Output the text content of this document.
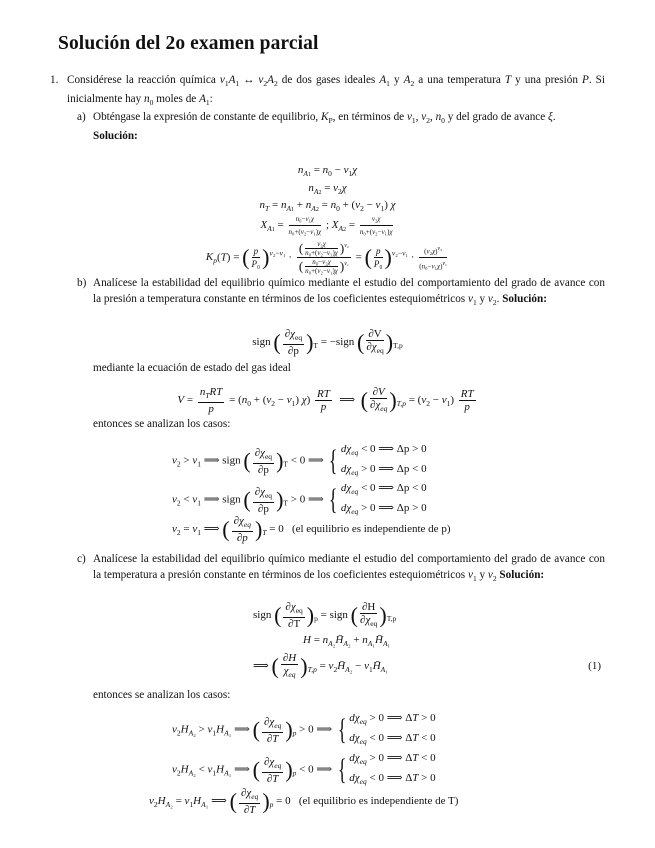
Solución del 2o examen parcial
1. Considérese la reacción química $\nu_1A_1$ ↔ $\nu_2A_2$ de dos gases ideales $A_1$ y $A_2$ a una temperatura T y una presión P. Si inicialmente hay $n_0$ moles de $A_1$:
a) Obténgase la expresión de constante de equilibrio, $K_P$, en términos de $\nu_1$, $\nu_2$, $n_0$ y del grado de avance ξ.
Solución:
$n_{A1} = n_0 - \nu_1\chi$
$n_{A2} = \nu_2\chi$
$n_T = n_{A1} + n_{A2} = n_0 + (\nu_2 - \nu_1)$ χ
$X_{A1} = \frac{\text{n₀−ν₁χ}}{\text{n₀+(ν₂−ν₁)χ}}$ ; $X_{A2} = \frac{\text{ν₂χ}}{\text{n₀+(ν₂−ν₁)χ}}$
$K_p(T)$ = ( $\frac{p}{\text{P₀}} )^{\nu_2-\nu_1} \cdot \frac{( \frac{\text{ν₂χ}}{\text{n₀+(ν₂−ν₁)χ}} )^{\nu_2}}{( \frac{\text{n₀−ν₂χ}}{\text{n₀+(ν₂−ν₁)χ}} )^{\nu_1}}$ = ( $\frac{p}{\text{P₀}} )^{\nu_2-\nu_1} \cdot \frac{(\nu_2\chi)^{\nu_2}}{(n_0-\nu_1\chi)^{\nu_1}}$
b) Analícese la estabilidad del equilibrio químico mediante el estudio del comportamiento del grado de avance con la presión a temperatura constante en términos de los coeficientes estequiométricos $\nu_1$ y $\nu_2$. Solución:
sign ( $\frac{\partial\chi_{eq}}{\partial p} )_T$ = −sign ( $\frac{\partial V}{\partial\chi_{eq}} )_{T,p}$
mediante la ecuación de estado del gas ideal
$V = \frac{n_TRT}{p} = (n_0 + (\nu_2 - \nu_1)$ $\chi) \frac{RT}{p}$ ⟹  ( $\frac{\partial V}{\partial\chi_{eq}} )_{T,p} = (\nu_2 - \nu_1) \frac{RT}{p}$
entonces se analizan los casos:
$\nu_2 > \nu_1$ ⟹ sign ( $\frac{\partial\chi_{eq}}{\partial p} )_T < 0$ ⟹ { $d\chi_{eq} < 0$ ⟹ Δp > 0
$d\chi_{eq} > 0$ ⟹ Δp < 0
$\nu_2 < \nu_1$ ⟹ sign ( $\frac{\partial\chi_{eq}}{\partial p} )_T > 0$ ⟹ { $d\chi_{eq} < 0$ ⟹ Δp < 0
$d\chi_{eq} > 0$ ⟹ Δp > 0
$\nu_2 = \nu_1$ ⟹ ( $\frac{\partial\chi_{eq}}{\partial p} )_T = 0$   (el equilibrio es independiente de p)
c) Analícese la estabilidad del equilibrio químico mediante el estudio del comportamiento del grado de avance con la temperatura a presión constante en términos de los coeficientes estequiométricos $\nu_1$ y $\nu_2$ Solución:
sign ( $\frac{\partial\chi_{eq}}{\partial T} )_p$ = sign ( $\frac{\partial H}{\partial\chi_{eq}} )_{T,p}$
$H = n_{A_2}H̄_{A_2}$ + $n_{A_1}H̄_{A_1}$
⟹ ( $\frac{\partial H}{\chi_{eq}} )_{T,p}$ = $\nu_2H̄_{A_2}$ − $\nu_1H̄_{A_1}$	(1)
entonces se analizan los casos:
$\nu_2H_{A_2} > \nu_1H_{A_1}$ ⟹ ( $\frac{\partial\chi_{eq}}{\partial T} )_p > 0$ ⟹ { $d\chi_{eq} > 0$ ⟹ ΔT > 0
$d\chi_{eq} < 0$ ⟹ ΔT < 0
$\nu_2H_{A_2} < \nu_1H_{A_1}$ ⟹ ( $\frac{\partial\chi_{eq}}{\partial T} )_p < 0$ ⟹ { $d\chi_{eq} > 0$ ⟹ ΔT < 0
$d\chi_{eq} < 0$ ⟹ ΔT > 0
$\nu_2H_{A_2} = \nu_1H_{A_1}$ ⟹ ( $\frac{\partial\chi_{eq}}{\partial T} )_p = 0$   (el equilibrio es independiente de T)
